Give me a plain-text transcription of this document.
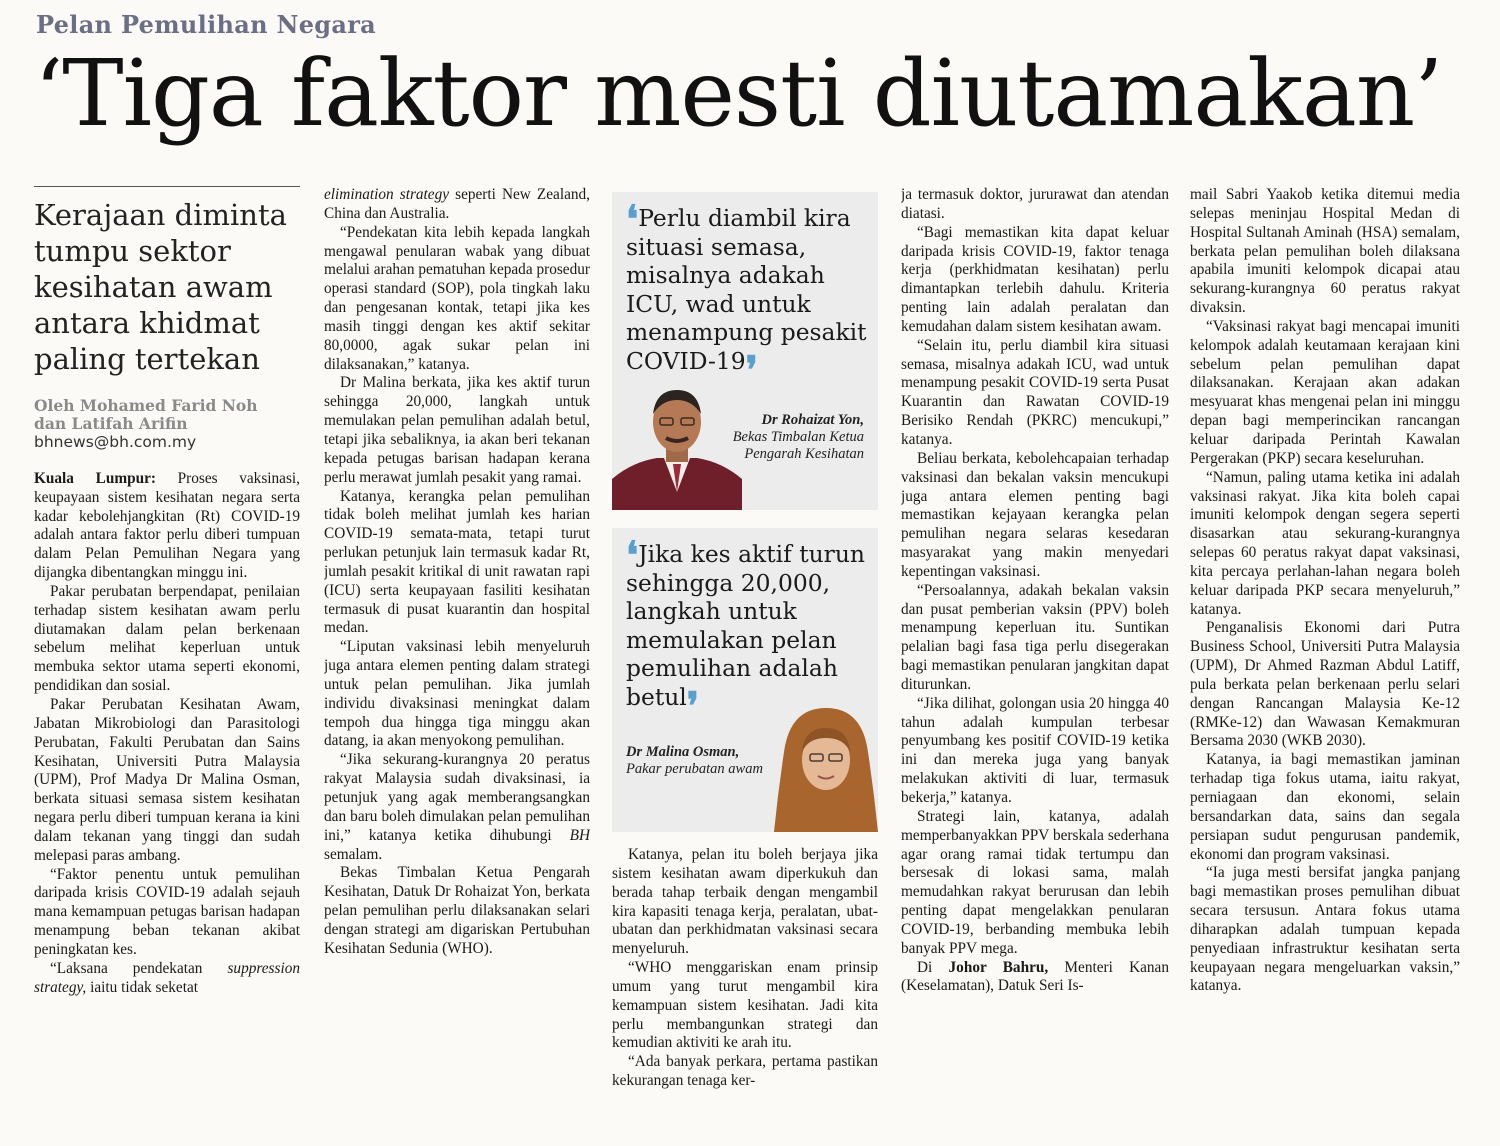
Pelan Pemulihan Negara
‘Tiga faktor mesti diutamakan’
Kerajaan diminta tumpu sektor kesihatan awam antara khidmat paling tertekan
Oleh Mohamed Farid Noh
dan Latifah Arifin
bhnews@bh.com.my

Kuala Lumpur: Proses vaksinasi, keupayaan sistem kesihatan negara serta kadar kebolehjangkitan (Rt) COVID-19 adalah antara faktor perlu diberi tumpuan dalam Pelan Pemulihan Negara yang dijangka dibentangkan minggu ini.

Pakar perubatan berpendapat, penilaian terhadap sistem kesihatan awam perlu diutamakan dalam pelan berkenaan sebelum melihat keperluan untuk membuka sektor utama seperti ekonomi, pendidikan dan sosial.

Pakar Perubatan Kesihatan Awam, Jabatan Mikrobiologi dan Parasitologi Perubatan, Fakulti Perubatan dan Sains Kesihatan, Universiti Putra Malaysia (UPM), Prof Madya Dr Malina Osman, berkata situasi semasa sistem kesihatan negara perlu diberi tumpuan kerana ia kini dalam tekanan yang tinggi dan sudah melepasi paras ambang.

“Faktor penentu untuk pemulihan daripada krisis COVID-19 adalah sejauh mana kemampuan petugas barisan hadapan menampung beban tekanan akibat peningkatan kes.

“Laksana pendekatan suppression strategy, iaitu tidak seketat

elimination strategy seperti New Zealand, China dan Australia.

“Pendekatan kita lebih kepada langkah mengawal penularan wabak yang dibuat melalui arahan pematuhan kepada prosedur operasi standard (SOP), pola tingkah laku dan pengesanan kontak, tetapi jika kes masih tinggi dengan kes aktif sekitar 80,0000, agak sukar pelan ini dilaksanakan,” katanya.

Dr Malina berkata, jika kes aktif turun sehingga 20,000, langkah untuk memulakan pelan pemulihan adalah betul, tetapi jika sebaliknya, ia akan beri tekanan kepada petugas barisan hadapan kerana perlu merawat jumlah pesakit yang ramai.

Katanya, kerangka pelan pemulihan tidak boleh melihat jumlah kes harian COVID-19 semata-mata, tetapi turut perlukan petunjuk lain termasuk kadar Rt, jumlah pesakit kritikal di unit rawatan rapi (ICU) serta keupayaan fasiliti kesihatan termasuk di pusat kuarantin dan hospital medan.

“Liputan vaksinasi lebih menyeluruh juga antara elemen penting dalam strategi untuk pelan pemulihan. Jika jumlah individu divaksinasi meningkat dalam tempoh dua hingga tiga minggu akan datang, ia akan menyokong pemulihan.

“Jika sekurang-kurangnya 20 peratus rakyat Malaysia sudah divaksinasi, ia petunjuk yang agak memberangsangkan dan baru boleh dimulakan pelan pemulihan ini,” katanya ketika dihubungi BH semalam.

Bekas Timbalan Ketua Pengarah Kesihatan, Datuk Dr Rohaizat Yon, berkata pelan pemulihan perlu dilaksanakan selari dengan strategi am digariskan Pertubuhan Kesihatan Sedunia (WHO).

❛Perlu diambil kira situasi semasa, misalnya adakah ICU, wad untuk menampung pesakit COVID-19❜
Dr Rohaizat Yon,
Bekas Timbalan Ketua Pengarah Kesihatan
❛Jika kes aktif turun sehingga 20,000, langkah untuk memulakan pelan pemulihan adalah betul❜
Dr Malina Osman,
Pakar perubatan awam

Katanya, pelan itu boleh berjaya jika sistem kesihatan awam diperkukuh dan berada tahap terbaik dengan mengambil kira kapasiti tenaga kerja, peralatan, ubat-ubatan dan perkhidmatan vaksinasi secara menyeluruh.

“WHO menggariskan enam prinsip umum yang turut mengambil kira kemampuan sistem kesihatan. Jadi kita perlu membangunkan strategi dan kemudian aktiviti ke arah itu.

“Ada banyak perkara, pertama pastikan kekurangan tenaga ker-

ja termasuk doktor, jururawat dan atendan diatasi.

“Bagi memastikan kita dapat keluar daripada krisis COVID-19, faktor tenaga kerja (perkhidmatan kesihatan) perlu dimantapkan terlebih dahulu. Kriteria penting lain adalah peralatan dan kemudahan dalam sistem kesihatan awam.

“Selain itu, perlu diambil kira situasi semasa, misalnya adakah ICU, wad untuk menampung pesakit COVID-19 serta Pusat Kuarantin dan Rawatan COVID-19 Berisiko Rendah (PKRC) mencukupi,” katanya.

Beliau berkata, kebolehcapaian terhadap vaksinasi dan bekalan vaksin mencukupi juga antara elemen penting bagi memastikan kejayaan kerangka pelan pemulihan negara selaras kesedaran masyarakat yang makin menyedari kepentingan vaksinasi.

“Persoalannya, adakah bekalan vaksin dan pusat pemberian vaksin (PPV) boleh menampung keperluan itu. Suntikan pelalian bagi fasa tiga perlu disegerakan bagi memastikan penularan jangkitan dapat diturunkan.

“Jika dilihat, golongan usia 20 hingga 40 tahun adalah kumpulan terbesar penyumbang kes positif COVID-19 ketika ini dan mereka juga yang banyak melakukan aktiviti di luar, termasuk bekerja,” katanya.

Strategi lain, katanya, adalah memperbanyakkan PPV berskala sederhana agar orang ramai tidak tertumpu dan bersesak di lokasi sama, malah memudahkan rakyat berurusan dan lebih penting dapat mengelakkan penularan COVID-19, berbanding membuka lebih banyak PPV mega.

Di Johor Bahru, Menteri Kanan (Keselamatan), Datuk Seri Is-

mail Sabri Yaakob ketika ditemui media selepas meninjau Hospital Medan di Hospital Sultanah Aminah (HSA) semalam, berkata pelan pemulihan boleh dilaksana apabila imuniti kelompok dicapai atau sekurang-kurangnya 60 peratus rakyat divaksin.

“Vaksinasi rakyat bagi mencapai imuniti kelompok adalah keutamaan kerajaan kini sebelum pelan pemulihan dapat dilaksanakan. Kerajaan akan adakan mesyuarat khas mengenai pelan ini minggu depan bagi memperincikan rancangan keluar daripada Perintah Kawalan Pergerakan (PKP) secara keseluruhan.

“Namun, paling utama ketika ini adalah vaksinasi rakyat. Jika kita boleh capai imuniti kelompok dengan segera seperti disasarkan atau sekurang-kurangnya selepas 60 peratus rakyat dapat vaksinasi, kita percaya perlahan-lahan negara boleh keluar daripada PKP secara menyeluruh,” katanya.

Penganalisis Ekonomi dari Putra Business School, Universiti Putra Malaysia (UPM), Dr Ahmed Razman Abdul Latiff, pula berkata pelan berkenaan perlu selari dengan Rancangan Malaysia Ke-12 (RMKe-12) dan Wawasan Kemakmuran Bersama 2030 (WKB 2030).

Katanya, ia bagi memastikan jaminan terhadap tiga fokus utama, iaitu rakyat, perniagaan dan ekonomi, selain bersandarkan data, sains dan segala persiapan sudut pengurusan pandemik, ekonomi dan program vaksinasi.

“Ia juga mesti bersifat jangka panjang bagi memastikan proses pemulihan dibuat secara tersusun. Antara fokus utama diharapkan adalah tumpuan kepada penyediaan infrastruktur kesihatan serta keupayaan negara mengeluarkan vaksin,” katanya.
